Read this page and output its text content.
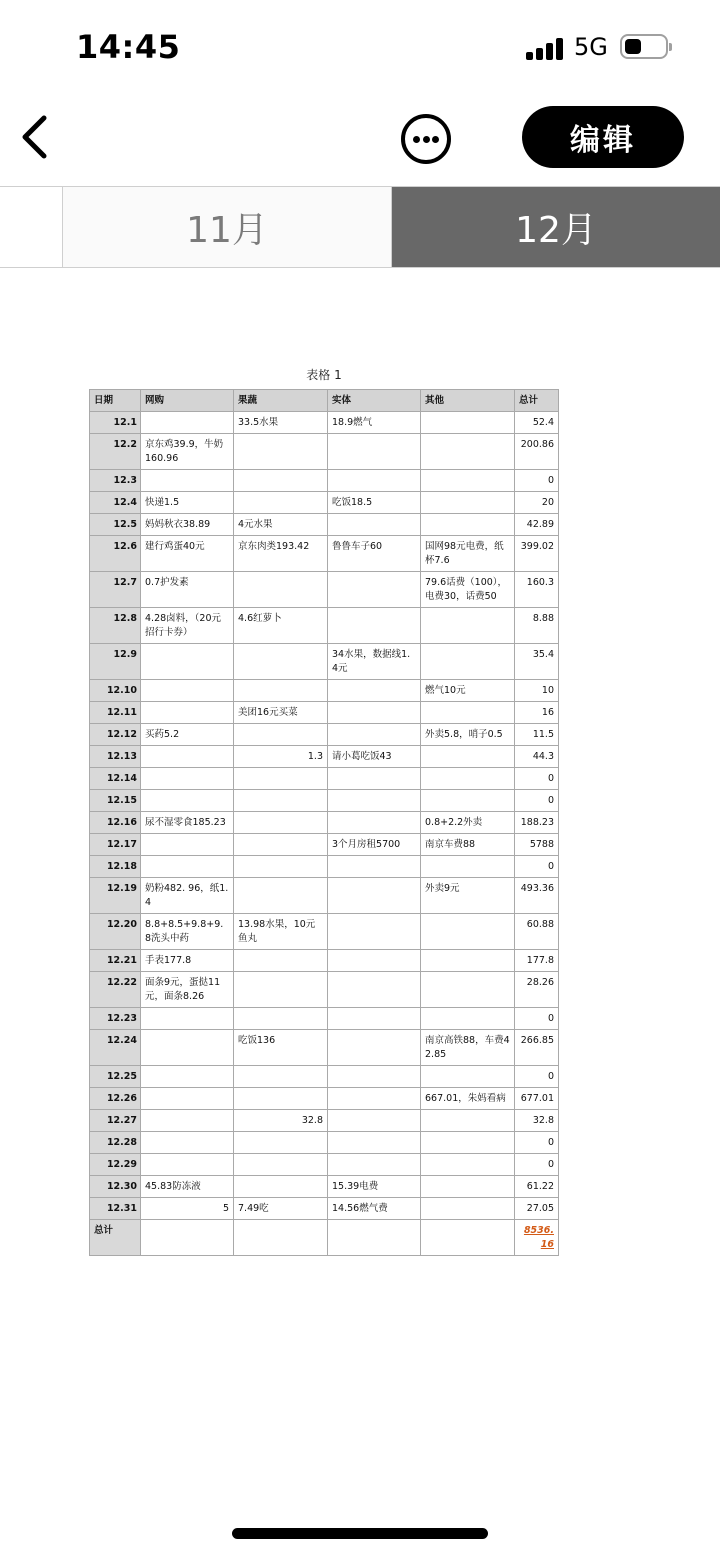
14:45	5G
编辑
11月	12月
表格 1
日期	网购	果蔬	实体	其他	总计
12.1		33.5水果	18.9燃气		52.4
12.2	京东鸡39.9，牛奶160.96				200.86
12.3					0
12.4	快递1.5		吃饭18.5		20
12.5	妈妈秋衣38.89	4元水果			42.89
12.6	建行鸡蛋40元	京东肉类193.42	鲁鲁车子60	国网98元电费，纸杯7.6	399.02
12.7	0.7护发素			79.6话费（100），电费30，话费50	160.3
12.8	4.28卤料，（20元招行卡券）	4.6红萝卜			8.88
12.9			34水果，数据线1.4元		35.4
12.10				燃气10元	10
12.11		美团16元买菜			16
12.12	买药5.2			外卖5.8，哨子0.5	11.5
12.13		1.3	请小葛吃饭43		44.3
12.14					0
12.15					0
12.16	尿不湿零食185.23			0.8+2.2外卖	188.23
12.17			3个月房租5700	南京车费88	5788
12.18					0
12.19	奶粉482. 96，纸1.4			外卖9元	493.36
12.20	8.8+8.5+9.8+9.8洗头中药	13.98水果，10元鱼丸			60.88
12.21	手表177.8				177.8
12.22	面条9元，蛋挞11元，面条8.26				28.26
12.23					0
12.24		吃饭136		南京高铁88，车费42.85	266.85
12.25					0
12.26				667.01，朱妈看病	677.01
12.27		32.8			32.8
12.28					0
12.29					0
12.30	45.83防冻液		15.39电费		61.22
12.31	5	7.49吃	14.56燃气费		27.05
总计					8536.16
